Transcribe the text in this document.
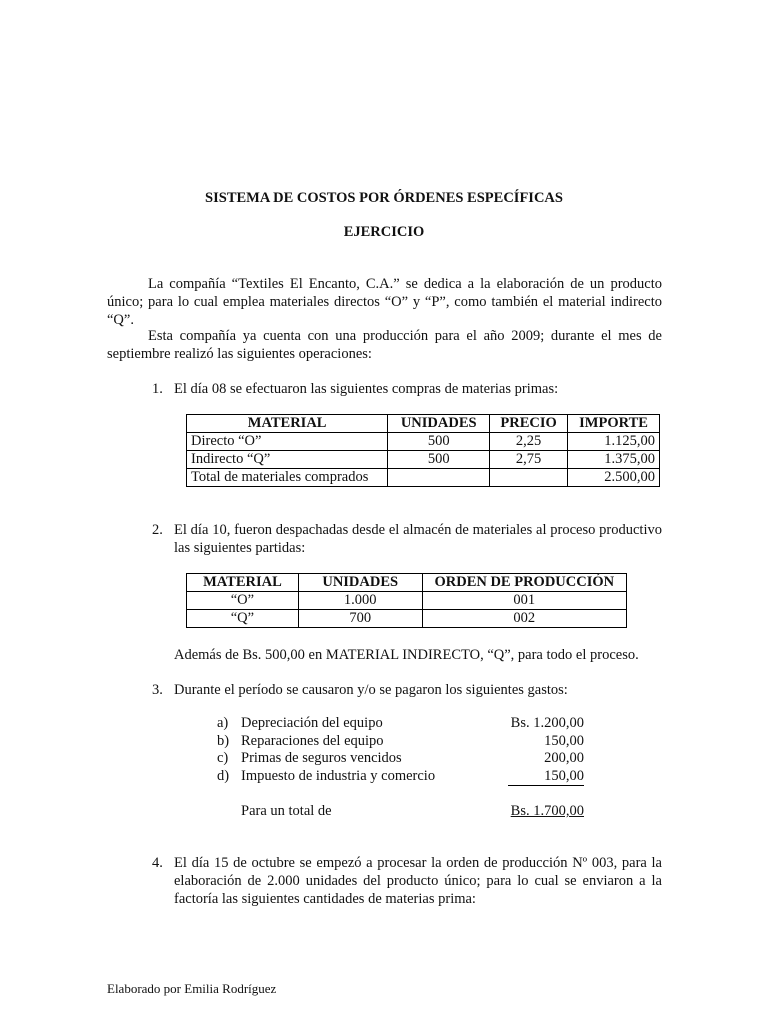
SISTEMA DE COSTOS POR ÓRDENES ESPECÍFICAS
EJERCICIO
La compañía “Textiles El Encanto, C.A.” se dedica a la elaboración de un producto único; para lo cual emplea materiales directos “O” y “P”, como también el material indirecto “Q”.
Esta compañía ya cuenta con una producción para el año 2009; durante el mes de septiembre realizó las siguientes operaciones:
1. El día 08 se efectuaron las siguientes compras de materias primas:
MATERIAL	UNIDADES	PRECIO	IMPORTE
Directo “O”	500	2,25	1.125,00
Indirecto “Q”	500	2,75	1.375,00
Total de materiales comprados			2.500,00
2. El día 10, fueron despachadas desde el almacén de materiales al proceso productivo las siguientes partidas:
MATERIAL	UNIDADES	ORDEN DE PRODUCCIÓN
“O”	1.000	001
“Q”	700	002
Además de Bs. 500,00 en MATERIAL INDIRECTO, “Q”, para todo el proceso.
3. Durante el período se causaron y/o se pagaron los siguientes gastos:
a) Depreciación del equipo	Bs. 1.200,00
b) Reparaciones del equipo	150,00
c) Primas de seguros vencidos	200,00
d) Impuesto de industria y comercio	150,00
Para un total de	Bs. 1.700,00
4. El día 15 de octubre se empezó a procesar la orden de producción Nº 003, para la elaboración de 2.000 unidades del producto único; para lo cual se enviaron a la factoría las siguientes cantidades de materias prima:
Elaborado por Emilia Rodríguez
